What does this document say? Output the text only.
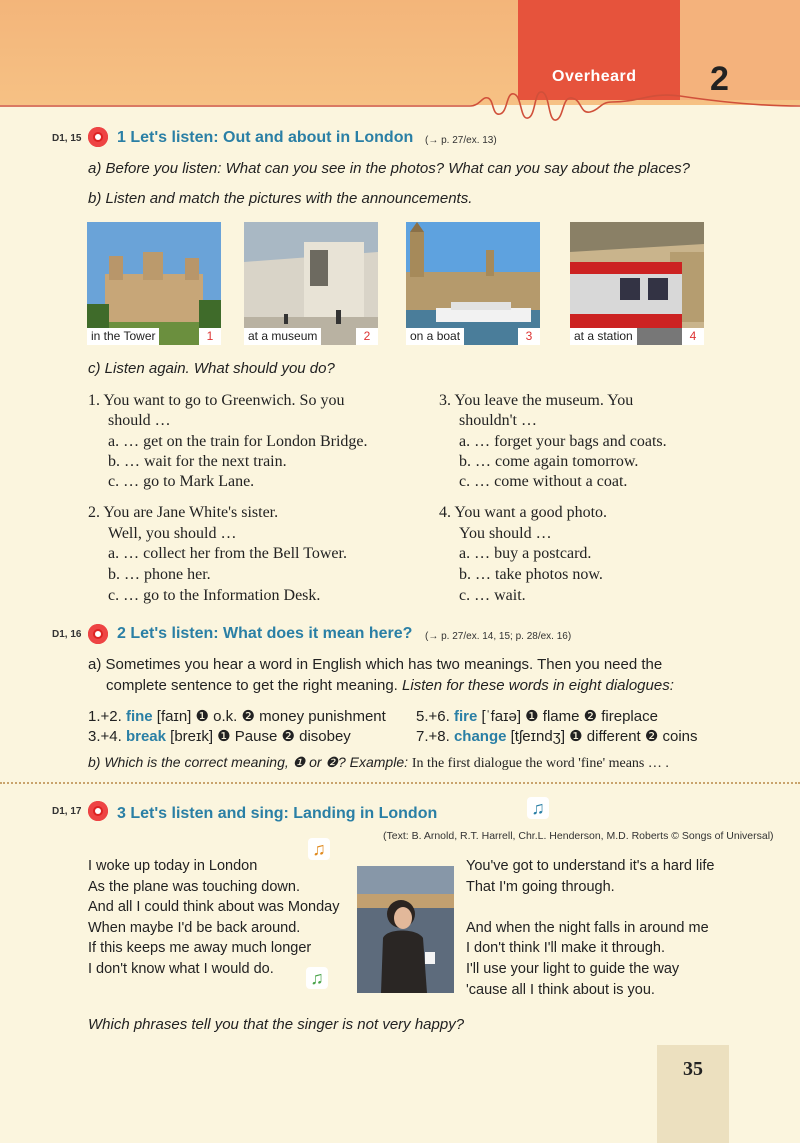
Overheard 2
D1, 15 1 Let's listen: Out and about in London (→ p. 27/ex. 13)
a) Before you listen: What can you see in the photos? What can you say about the places?
b) Listen and match the pictures with the announcements.
in the Tower	1	at a museum	2	on a boat	3	at a station	4
c) Listen again. What should you do?
1. You want to go to Greenwich. So you
should …
a. … get on the train for London Bridge.
b. … wait for the next train.
c. … go to Mark Lane.
2. You are Jane White's sister.
Well, you should …
a. … collect her from the Bell Tower.
b. … phone her.
c. … go to the Information Desk.
3. You leave the museum. You
shouldn't …
a. … forget your bags and coats.
b. … come again tomorrow.
c. … come without a coat.
4. You want a good photo.
You should …
a. … buy a postcard.
b. … take photos now.
c. … wait.
D1, 16 2 Let's listen: What does it mean here? (→ p. 27/ex. 14, 15; p. 28/ex. 16)
a) Sometimes you hear a word in English which has two meanings. Then you need the
complete sentence to get the right meaning. Listen for these words in eight dialogues:
1.+2. fine [faɪn] ❶ o.k. ❷ money punishment 5.+6. fire [ˈfaɪə] ❶ flame ❷ fireplace
3.+4. break [breɪk] ❶ Pause ❷ disobey	7.+8. change [tʃeɪndʒ] ❶ different ❷ coins
b) Which is the correct meaning, ❶ or ❷? Example: In the first dialogue the word 'fine' means … .
D1, 17 3 Let's listen and sing: Landing in London	♫
(Text: B. Arnold, R.T. Harrell, Chr.L. Henderson, M.D. Roberts © Songs of Universal)
♫
♫
I woke up today in London
As the plane was touching down.
And all I could think about was Monday
When maybe I'd be back around.
If this keeps me away much longer
I don't know what I would do.
You've got to understand it's a hard life
That I'm going through.
And when the night falls in around me
I don't think I'll make it through.
I'll use your light to guide the way
'cause all I think about is you.
Which phrases tell you that the singer is not very happy?
35
